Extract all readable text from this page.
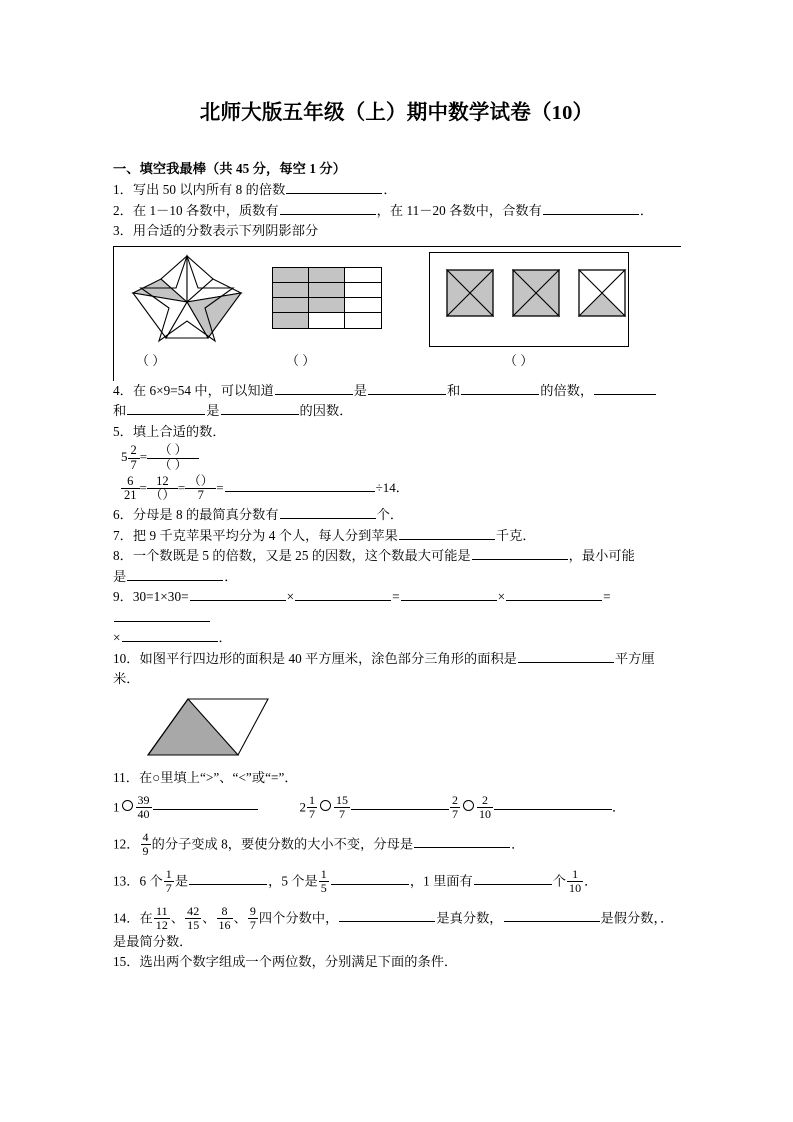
北师大版五年级（上）期中数学试卷（10）
一、填空我最棒（共 45 分，每空 1 分）

1．写出 50 以内所有 8 的倍数	．

2．在 1－10 各数中，质数有	，在 11－20 各数中，合数有	．

3．用合适的分数表示下列阴影部分

（ ）	（ ）	（ ）

4．在 6×9=54 中，可以知道	是	和	的倍数，
和	是	的因数．

5．填上合适的数．

$5 \frac{2}{7} = \frac{( )}{( )}$
$\frac{6}{21} = \frac{12}{()} = \frac{()}{7}$ =	÷14．

6．分母是 8 的最简真分数有	个．

7．把 9 千克苹果平均分为 4 个人，每人分到苹果	千克．

8．一个数既是 5 的倍数，又是 25 的因数，这个数最大可能是	，最小可能
是	．

9．30=1×30=	×	=	×	=
×	．

10．如图平行四边形的面积是 40 平方厘米，涂色部分三角形的面积是	平方厘
米．

11．在○里填上“>”、“<”或“=”．

$1 \frac{39}{40}$	$2 \frac{1}{7} \frac{15}{7}$	$\frac{2}{7} \frac{2}{10}$	．

12． $\frac{4}{9}$ 的分子变成 8，要使分数的大小不变，分母是	．

13．6 个 $\frac{1}{7}$ 是	，5 个是 $\frac{1}{5}$	，1 里面有	个 $\frac{1}{10}$ ．

14．在 $\frac{11}{12}$ 、 $\frac{42}{15}$ 、 $\frac{8}{16}$ 、 $\frac{9}{7}$ 四个分数中，	是真分数，	是假分数，．
是最简分数．

15．选出两个数字组成一个两位数，分别满足下面的条件．
